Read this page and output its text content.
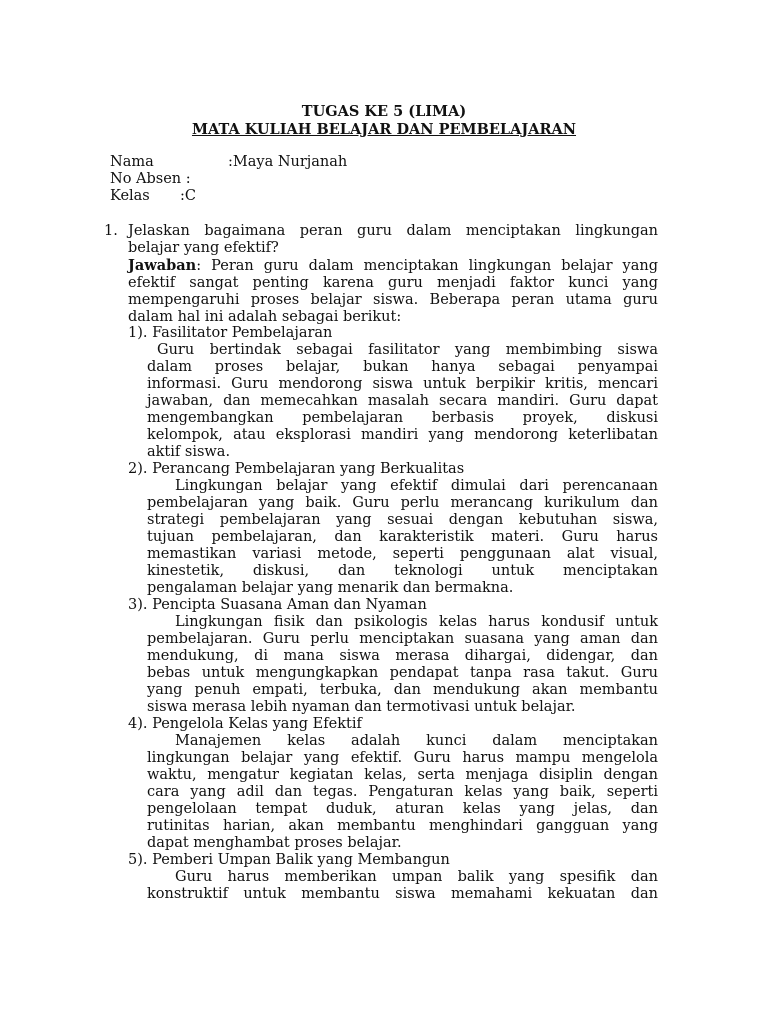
TUGAS KE 5 (LIMA)
MATA KULIAH BELAJAR DAN PEMBELAJARAN
Nama	:Maya Nurjanah
No Absen :
Kelas :C
1. Jelaskan bagaimana peran guru dalam menciptakan lingkungan
belajar yang efektif?
Jawaban: Peran guru dalam menciptakan lingkungan belajar yang
efektif sangat penting karena guru menjadi faktor kunci yang
mempengaruhi proses belajar siswa. Beberapa peran utama guru
dalam hal ini adalah sebagai berikut:
1). Fasilitator Pembelajaran
Guru bertindak sebagai fasilitator yang membimbing siswa
dalam proses belajar, bukan hanya sebagai penyampai
informasi. Guru mendorong siswa untuk berpikir kritis, mencari
jawaban, dan memecahkan masalah secara mandiri. Guru dapat
mengembangkan pembelajaran berbasis proyek, diskusi
kelompok, atau eksplorasi mandiri yang mendorong keterlibatan
aktif siswa.
2). Perancang Pembelajaran yang Berkualitas
Lingkungan belajar yang efektif dimulai dari perencanaan
pembelajaran yang baik. Guru perlu merancang kurikulum dan
strategi pembelajaran yang sesuai dengan kebutuhan siswa,
tujuan pembelajaran, dan karakteristik materi. Guru harus
memastikan variasi metode, seperti penggunaan alat visual,
kinestetik, diskusi, dan teknologi untuk menciptakan
pengalaman belajar yang menarik dan bermakna.
3). Pencipta Suasana Aman dan Nyaman
Lingkungan fisik dan psikologis kelas harus kondusif untuk
pembelajaran. Guru perlu menciptakan suasana yang aman dan
mendukung, di mana siswa merasa dihargai, didengar, dan
bebas untuk mengungkapkan pendapat tanpa rasa takut. Guru
yang penuh empati, terbuka, dan mendukung akan membantu
siswa merasa lebih nyaman dan termotivasi untuk belajar.
4). Pengelola Kelas yang Efektif
Manajemen kelas adalah kunci dalam menciptakan
lingkungan belajar yang efektif. Guru harus mampu mengelola
waktu, mengatur kegiatan kelas, serta menjaga disiplin dengan
cara yang adil dan tegas. Pengaturan kelas yang baik, seperti
pengelolaan tempat duduk, aturan kelas yang jelas, dan
rutinitas harian, akan membantu menghindari gangguan yang
dapat menghambat proses belajar.
5). Pemberi Umpan Balik yang Membangun
Guru harus memberikan umpan balik yang spesifik dan
konstruktif untuk membantu siswa memahami kekuatan dan
